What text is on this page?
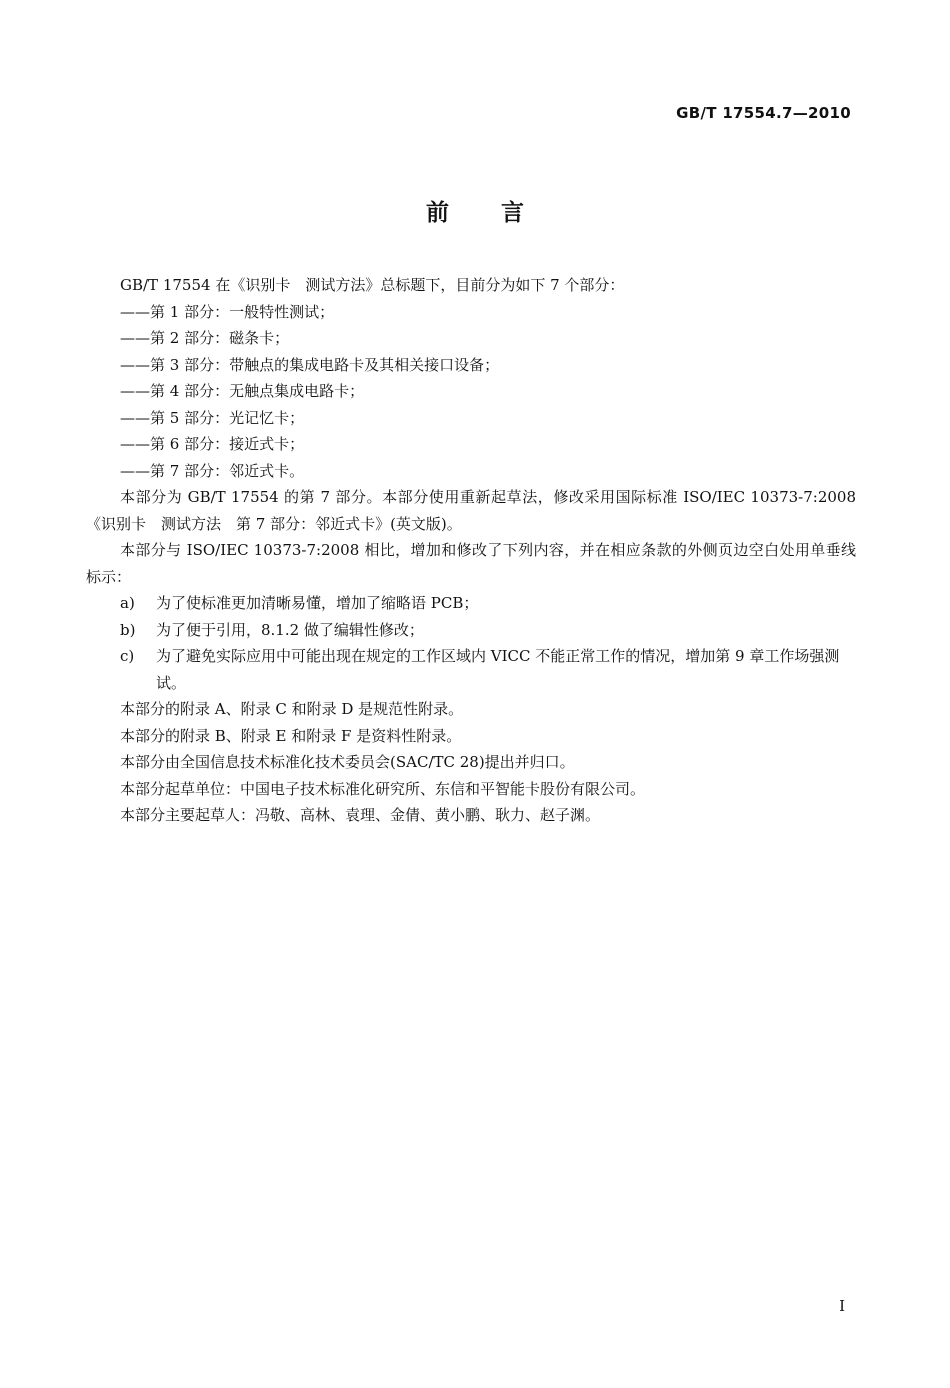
GB/T 17554.7—2010
前言
GB/T 17554 在《识别卡　测试方法》总标题下，目前分为如下 7 个部分：
——第 1 部分：一般特性测试；
——第 2 部分：磁条卡；
——第 3 部分：带触点的集成电路卡及其相关接口设备；
——第 4 部分：无触点集成电路卡；
——第 5 部分：光记忆卡；
——第 6 部分：接近式卡；
——第 7 部分：邻近式卡。
本部分为 GB/T 17554 的第 7 部分。本部分使用重新起草法，修改采用国际标准 ISO/IEC 10373-7:2008《识别卡　测试方法　第 7 部分：邻近式卡》(英文版)。
本部分与 ISO/IEC 10373-7:2008 相比，增加和修改了下列内容，并在相应条款的外侧页边空白处用单垂线标示：
a)	为了使标准更加清晰易懂，增加了缩略语 PCB；
b)	为了便于引用，8.1.2 做了编辑性修改；
c)	为了避免实际应用中可能出现在规定的工作区域内 VICC 不能正常工作的情况，增加第 9 章工作场强测试。
本部分的附录 A、附录 C 和附录 D 是规范性附录。
本部分的附录 B、附录 E 和附录 F 是资料性附录。
本部分由全国信息技术标准化技术委员会(SAC/TC 28)提出并归口。
本部分起草单位：中国电子技术标准化研究所、东信和平智能卡股份有限公司。
本部分主要起草人：冯敬、高林、袁理、金倩、黄小鹏、耿力、赵子渊。
I
